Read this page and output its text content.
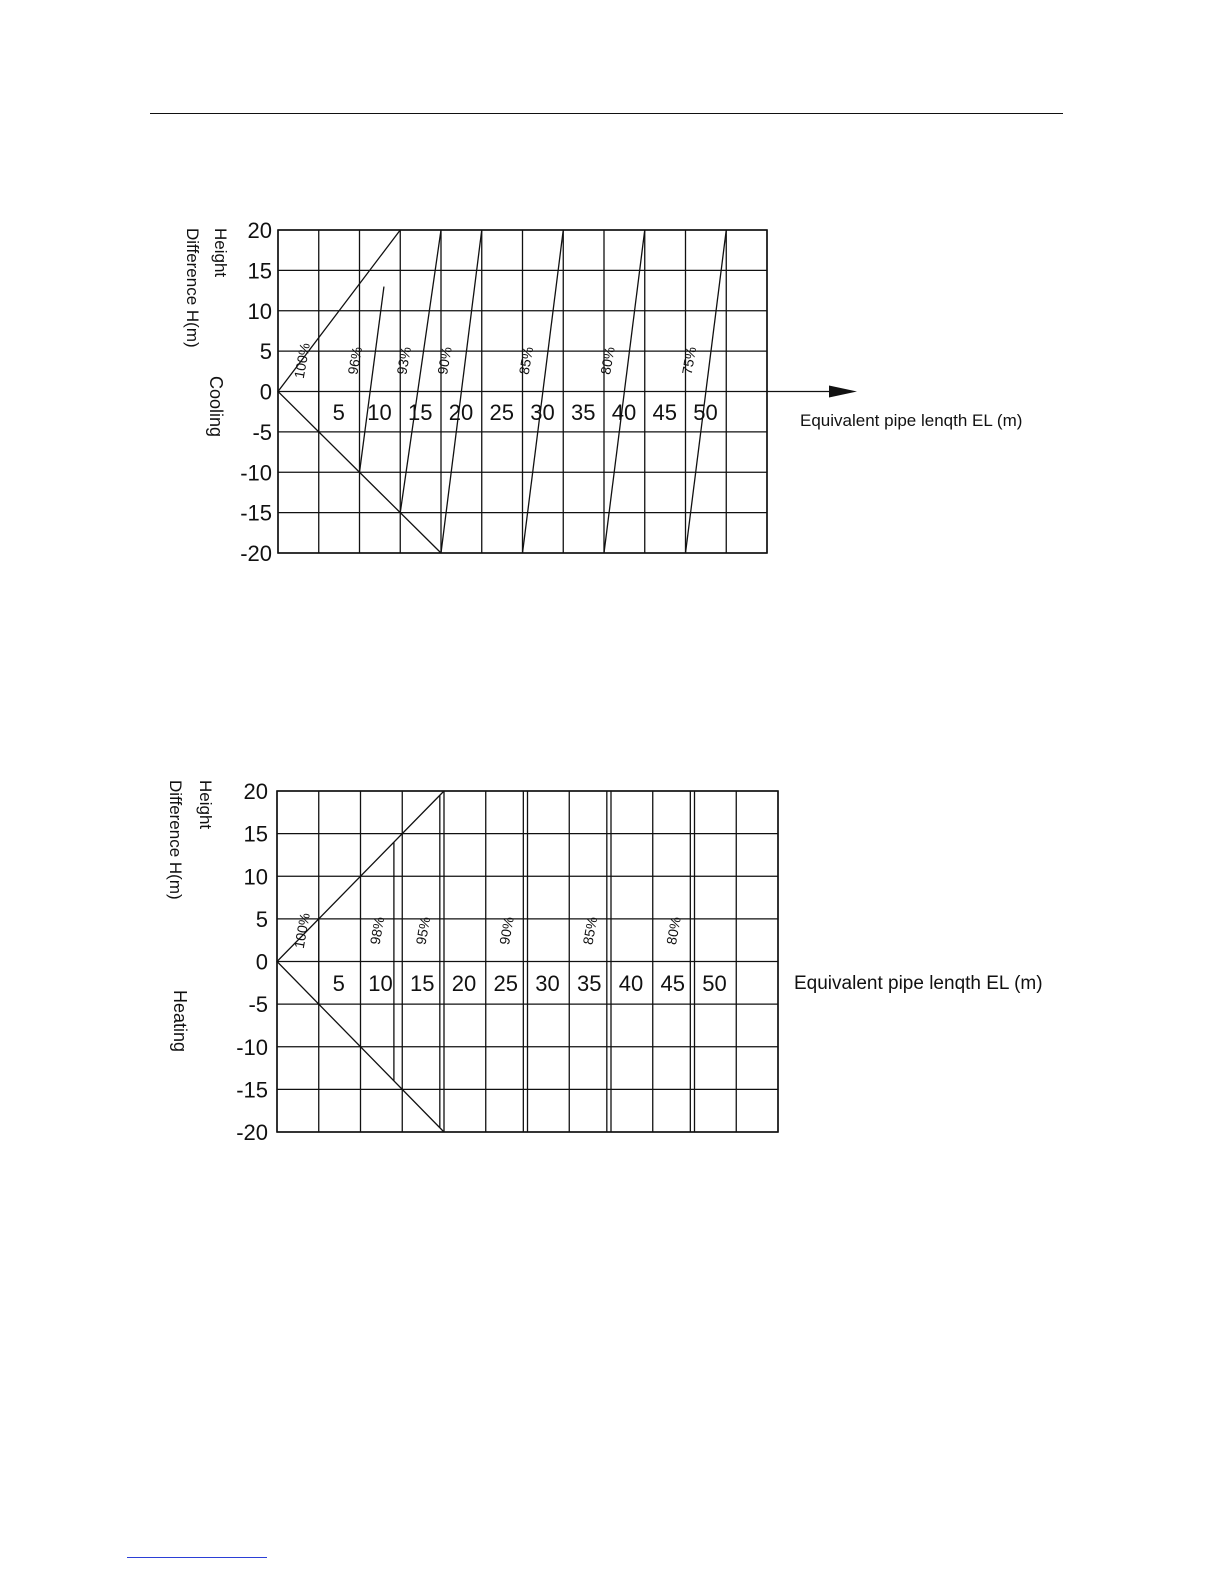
20
15
10
5
0
-5
-10
-15
-20
5 10 15 20 25 30 35 40 45 50
Height
Difference H(m)
Cooling	Equivalent pipe lenqth EL (m)
100% 96% 93% 90%	85%	80%	75%
20
15
10
5
0
-5
-10
-15
-20
5 10 15 20 25 30 35 40 45 50
Height
Difference H(m)
Heating
Equivalent pipe lenqth EL (m)
100%	98% 95%	90%	85%	80%
